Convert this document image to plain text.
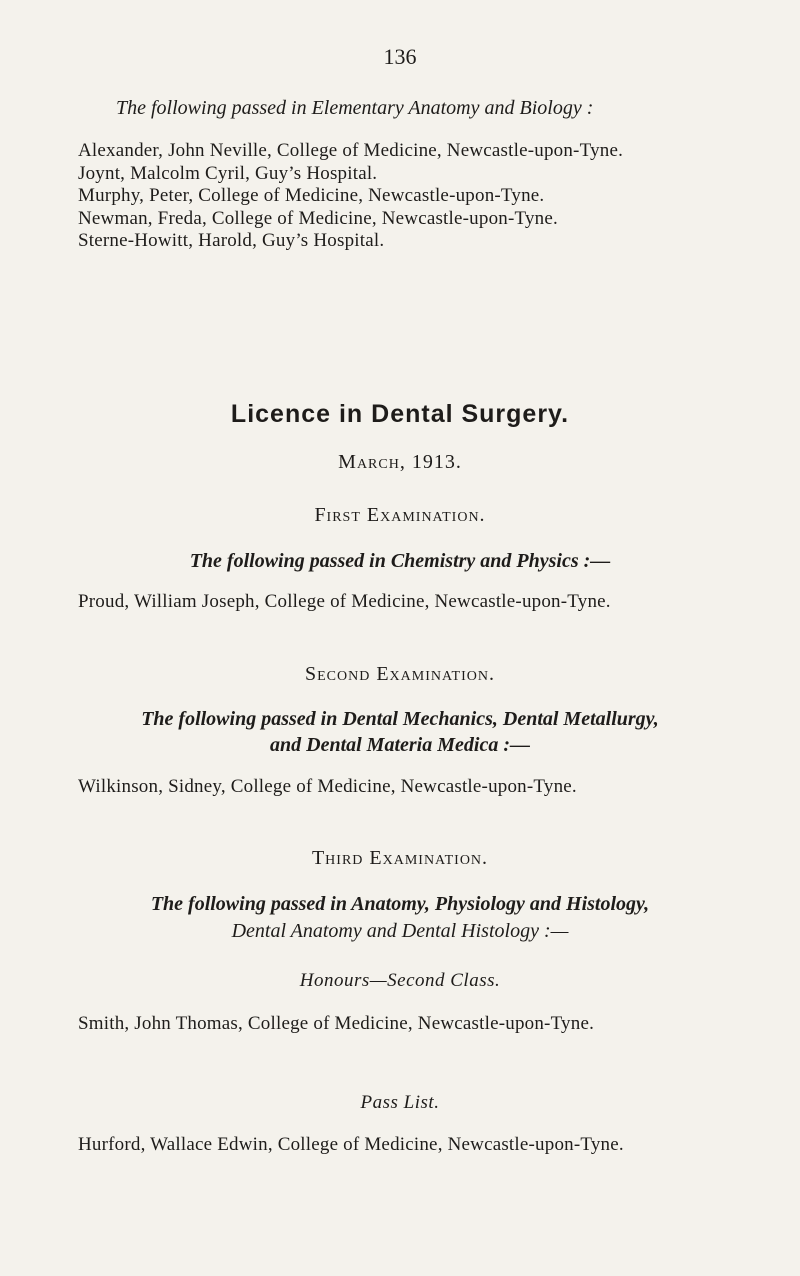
136
The following passed in Elementary Anatomy and Biology :

Alexander, John Neville, College of Medicine, Newcastle-upon-Tyne.

Joynt, Malcolm Cyril, Guy’s Hospital.

Murphy, Peter, College of Medicine, Newcastle-upon-Tyne.

Newman, Freda, College of Medicine, Newcastle-upon-Tyne.

Sterne-Howitt, Harold, Guy’s Hospital.

Licence in Dental Surgery.
March, 1913.
First Examination.
The following passed in Chemistry and Physics :—

Proud, William Joseph, College of Medicine, Newcastle-upon-Tyne.

Second Examination.
The following passed in Dental Mechanics, Dental Metallurgy,
and Dental Materia Medica :—

Wilkinson, Sidney, College of Medicine, Newcastle-upon-Tyne.

Third Examination.
The following passed in Anatomy, Physiology and Histology,
Dental Anatomy and Dental Histology :—
Honours—Second Class.

Smith, John Thomas, College of Medicine, Newcastle-upon-Tyne.

Pass List.

Hurford, Wallace Edwin, College of Medicine, Newcastle-upon-Tyne.
